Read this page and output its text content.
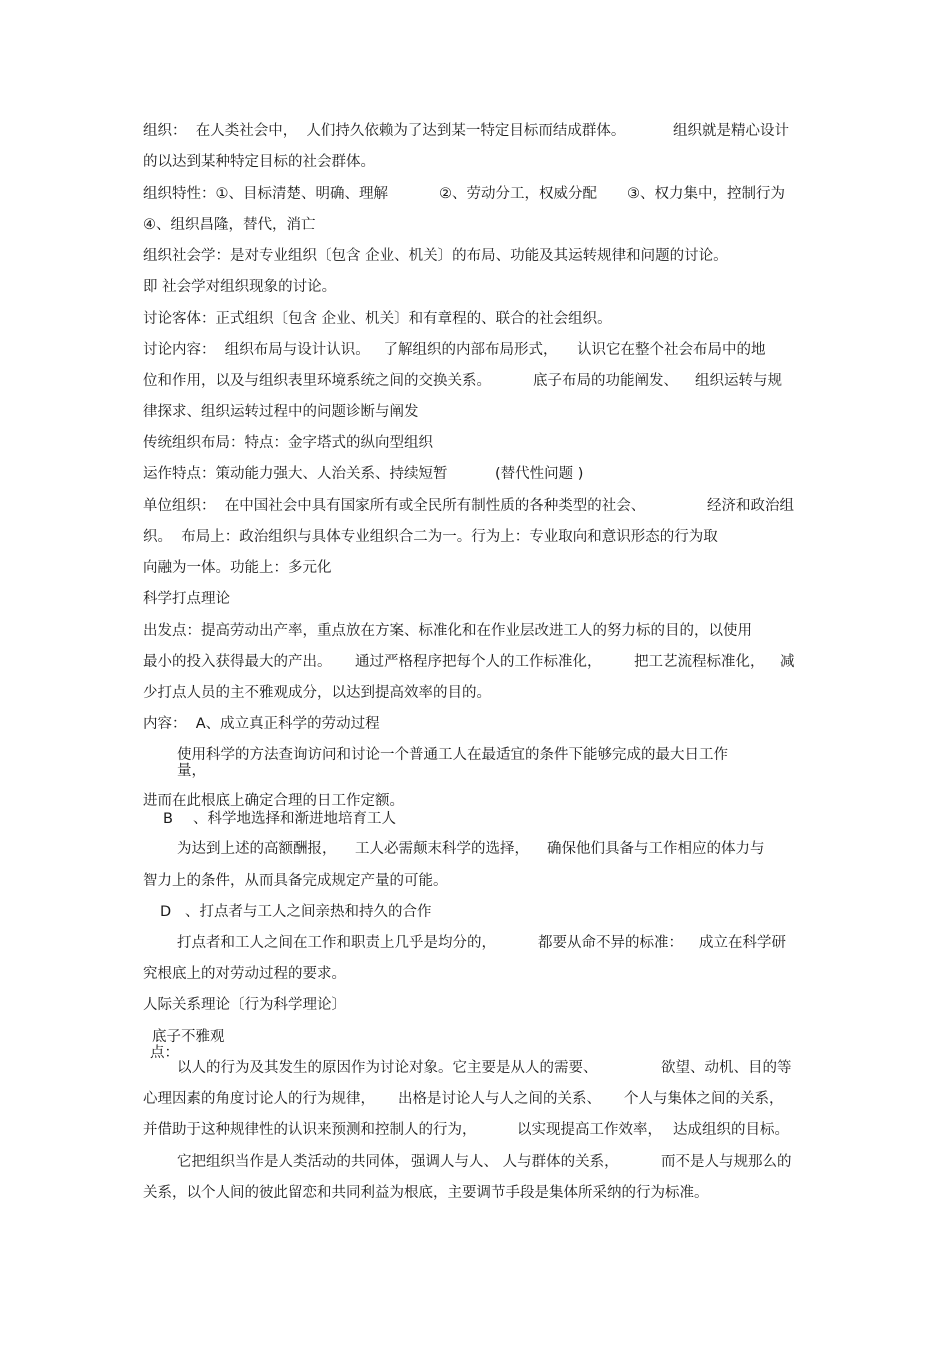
组织：  在人类社会中，  人们持久依赖为了达到某一特定目标而结成群体。	组织就是精心设计
的以达到某种特定目标的社会群体。
组织特性：①、目标清楚、明确、理解	②、劳动分工，权威分配 ③、权力集中，控制行为
④、组织昌隆，替代，消亡
组织社会学：是对专业组织〔包含 企业、机关〕的布局、功能及其运转规律和问题的讨论。
即 社会学对组织现象的讨论。
讨论客体：正式组织〔包含 企业、机关〕和有章程的、联合的社会组织。
讨论内容：  组织布局与设计认识。   了解组织的内部布局形式， 认识它在整个社会布局中的地
位和作用，以及与组织表里环境系统之间的交换关系。	底子布局的功能阐发、 组织运转与规
律探求、组织运转过程中的问题诊断与阐发
传统组织布局：特点：金字塔式的纵向型组织
运作特点：策动能力强大、人治关系、持续短暂	(替代性问题 )
单位组织：  在中国社会中具有国家所有或全民所有制性质的各种类型的社会、	经济和政治组
织。  布局上：政治组织与具体专业组织合二为一。行为上：专业取向和意识形态的行为取
向融为一体。功能上：多元化
科学打点理论
出发点：提高劳动出产率，重点放在方案、标准化和在作业层改进工人的努力标的目的，以使用
最小的投入获得最大的产出。 通过严格程序把每个人的工作标准化， 把工艺流程标准化， 减
少打点人员的主不雅观成分，以达到提高效率的目的。
内容：  A、成立真正科学的劳动过程
使用科学的方法查询访问和讨论一个普通工人在最适宜的条件下能够完成的最大日工作
量，
进而在此根底上确定合理的日工作定额。
B 、科学地选择和渐进地培育工人
为达到上述的高额酬报， 工人必需颠末科学的选择， 确保他们具备与工作相应的体力与
智力上的条件，从而具备完成规定产量的可能。
D 、打点者与工人之间亲热和持久的合作
打点者和工人之间在工作和职责上几乎是均分的，	都要从命不异的标准： 成立在科学研
究根底上的对劳动过程的要求。
人际关系理论〔行为科学理论〕
底子不雅观
点：
以人的行为及其发生的原因作为讨论对象。它主要是从人的需要、	欲望、动机、目的等
心理因素的角度讨论人的行为规律， 出格是讨论人与人之间的关系、 个人与集体之间的关系，
并借助于这种规律性的认识来预测和控制人的行为，	以实现提高工作效率， 达成组织的目标。
它把组织当作是人类活动的共同体， 强调人与人、 人与群体的关系，	而不是人与规那么的
关系，以个人间的彼此留恋和共同利益为根底，主要调节手段是集体所采纳的行为标准。
